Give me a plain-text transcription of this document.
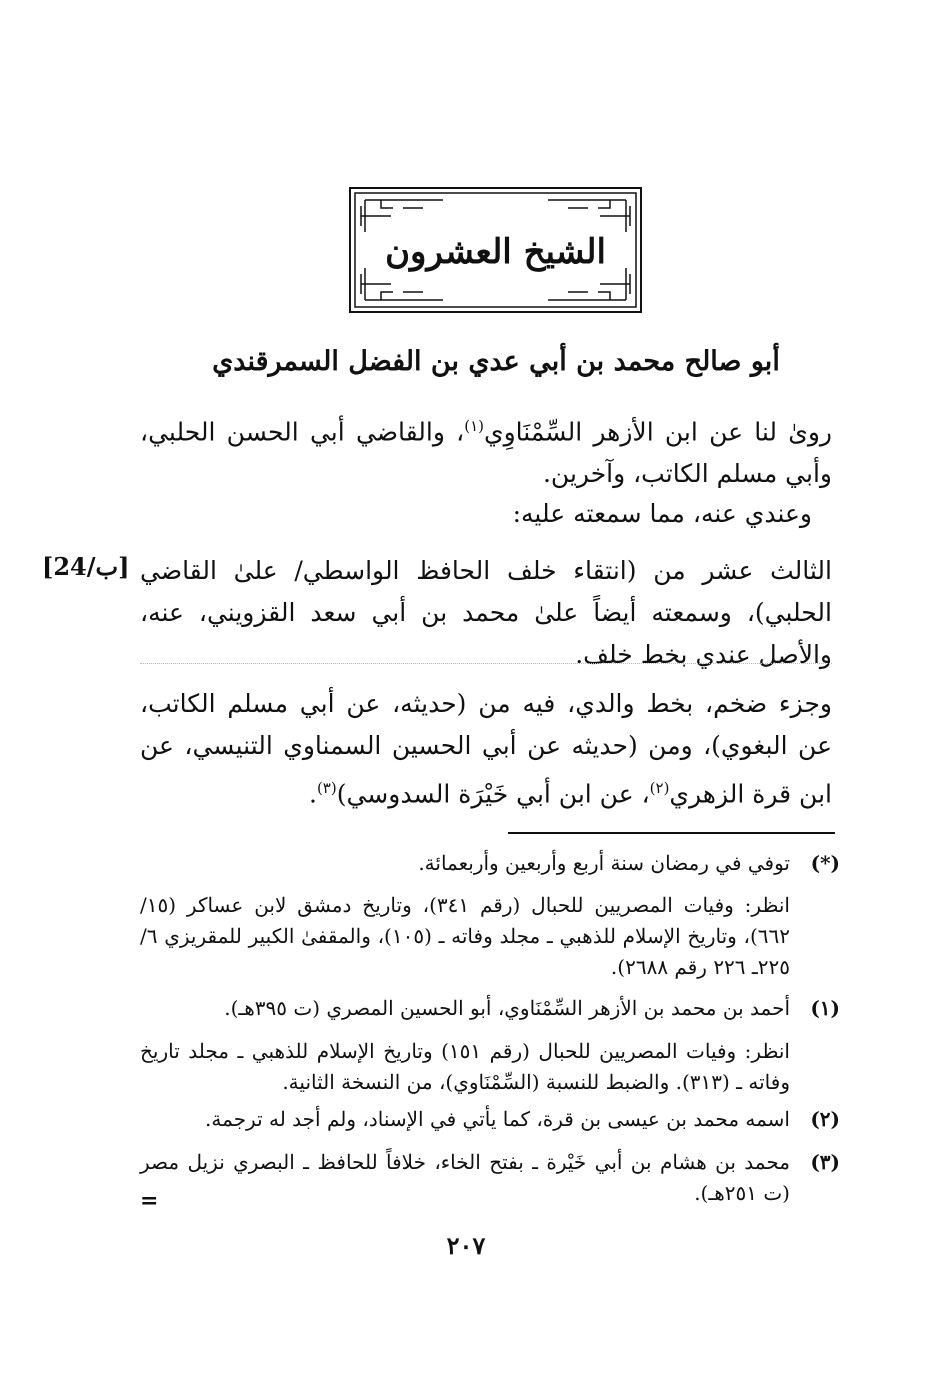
الشيخ العشرون
أبو صالح محمد بن أبي عدي بن الفضل السمرقندي
روىٰ لنا عن ابن الأزهر السِّمْنَاوِي$^{(١)}$، والقاضي أبي الحسن الحلبي، وأبي مسلم الكاتب، وآخرين.
وعندي عنه، مما سمعته عليه:
الثالث عشر من (انتقاء خلف الحافظ الواسطي/ علىٰ القاضي الحلبي)، وسمعته أيضاً علىٰ محمد بن أبي سعد القزويني، عنه، والأصل عندي بخط خلف.
[24/ب]
وجزء ضخم، بخط والدي، فيه من (حديثه، عن أبي مسلم الكاتب، عن البغوي)، ومن (حديثه عن أبي الحسين السمناوي التنيسي، عن ابن قرة الزهري$^{(٢)}$، عن ابن أبي خَيْرَة السدوسي)$^{(٣)}$.
(*)
توفي في رمضان سنة أربع وأربعين وأربعمائة.
انظر: وفيات المصريين للحبال (رقم ٣٤١)، وتاريخ دمشق لابن عساكر (١٥/ ٦٦٢)، وتاريخ الإسلام للذهبي ـ مجلد وفاته ـ (١٠٥)، والمقفىٰ الكبير للمقريزي ٦/ ٢٢٥ـ ٢٢٦ رقم ٢٦٨٨).
(١)
أحمد بن محمد بن الأزهر السِّمْنَاوي، أبو الحسين المصري (ت ٣٩٥هـ).
انظر: وفيات المصريين للحبال (رقم ١٥١) وتاريخ الإسلام للذهبي ـ مجلد تاريخ وفاته ـ (٣١٣). والضبط للنسبة (السِّمْنَاوي)، من النسخة الثانية.
(٢)
اسمه محمد بن عيسى بن قرة، كما يأتي في الإسناد، ولم أجد له ترجمة.
(٣)
محمد بن هشام بن أبي خَيْرة ـ بفتح الخاء، خلافاً للحافظ ـ البصري نزيل مصر (ت ٢٥١هـ).
=
٢٠٧
